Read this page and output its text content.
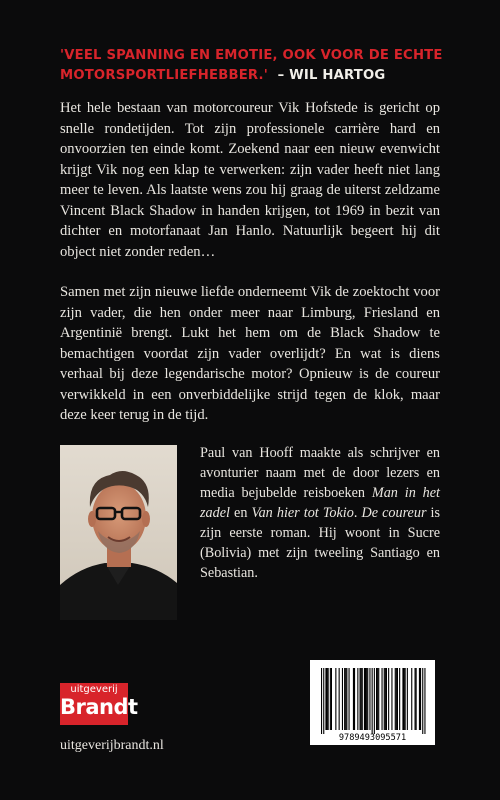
'VEEL SPANNING EN EMOTIE, OOK VOOR DE ECHTE
MOTORSPORTLIEFHEBBER.' – WIL HARTOG

Het hele bestaan van motorcoureur Vik Hofstede is gericht op snelle rondetijden. Tot zijn professionele carrière hard en onvoorzien ten einde komt. Zoekend naar een nieuw evenwicht krijgt Vik nog een klap te verwerken: zijn vader heeft niet lang meer te leven. Als laatste wens zou hij graag de uiterst zeldzame Vincent Black Shadow in handen krijgen, tot 1969 in bezit van dichter en motorfanaat Jan Hanlo. Natuurlijk begeert hij dit object niet zonder reden…

Samen met zijn nieuwe liefde onderneemt Vik de zoektocht voor zijn vader, die hen onder meer naar Limburg, Friesland en Argentinië brengt. Lukt het hem om de Black Shadow te bemachtigen voordat zijn vader overlijdt? En wat is diens verhaal bij deze legendarische motor? Opnieuw is de coureur verwikkeld in een onverbiddelijke strijd tegen de klok, maar deze keer terug in de tijd.

Paul van Hooff maakte als schrijver en avonturier naam met de door lezers en media bejubelde reisboeken Man in het zadel en Van hier tot Tokio. De coureur is zijn eerste roman. Hij woont in Sucre (Bolivia) met zijn tweeling Santiago en Sebastian.

uitgeverij
Brandt
uitgeverijbrandt.nl	9789493095571
